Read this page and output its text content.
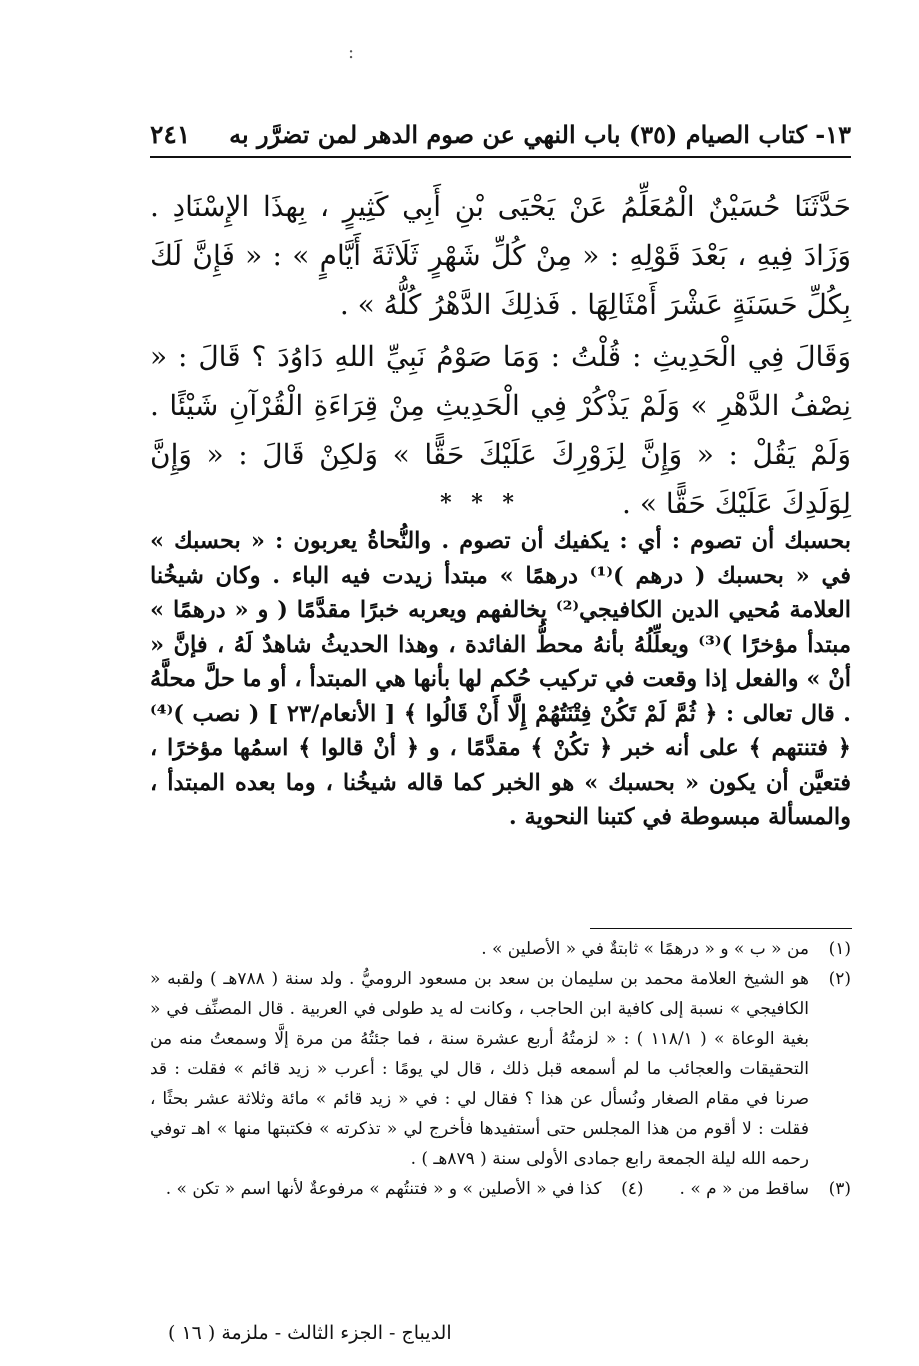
:
١٣- كتاب الصيام (٣٥) باب النهي عن صوم الدهر لمن تضرَّر به
٢٤١

حَدَّثَنَا حُسَيْنٌ الْمُعَلِّمُ عَنْ يَحْيَى بْنِ أَبِي كَثِيرٍ ، بِهذَا الإِسْنَادِ . وَزَادَ فِيهِ ، بَعْدَ قَوْلِهِ : « مِنْ كُلِّ شَهْرٍ ثَلَاثَةَ أَيَّامٍ » : « فَإِنَّ لَكَ بِكُلِّ حَسَنَةٍ عَشْرَ أَمْثَالِهَا . فَذلِكَ الدَّهْرُ كُلُّهُ » .

وَقَالَ فِي الْحَدِيثِ : قُلْتُ : وَمَا صَوْمُ نَبِيِّ اللهِ دَاوُدَ ؟ قَالَ : « نِصْفُ الدَّهْرِ » وَلَمْ يَذْكُرْ فِي الْحَدِيثِ مِنْ قِرَاءَةِ الْقُرْآنِ شَيْئًا . وَلَمْ يَقُلْ : « وَإِنَّ لِزَوْرِكَ عَلَيْكَ حَقًّا » وَلكِنْ قَالَ : « وَإِنَّ لِوَلَدِكَ عَلَيْكَ حَقًّا » .

* * *

بحسبك أن تصوم : أي : يكفيك أن تصوم . والنُّحاةُ يعربون : « بحسبك » في « بحسبك ( درهم )⁽¹⁾ درهمًا » مبتدأ زيدت فيه الباء . وكان شيخُنا العلامة مُحيي الدين الكافيجي⁽²⁾ يخالفهم ويعربه خبرًا مقدَّمًا ( و « درهمًا » مبتدأ مؤخرًا )⁽³⁾ ويعلِّلُهُ بأنهُ محطُّ الفائدة ، وهذا الحديثُ شاهدٌ لَهُ ، فإنَّ « أنْ » والفعل إذا وقعت في تركيب حُكم لها بأنها هي المبتدأ ، أو ما حلَّ محلَّهُ . قال تعالى : ﴿ ثُمَّ لَمْ تَكُنْ فِتْنَتُهُمْ إِلَّا أَنْ قَالُوا ﴾ [ الأنعام/٢٣ ] ( نصب )⁽⁴⁾ ﴿ فتنتهم ﴾ على أنه خبر ﴿ تكُنْ ﴾ مقدَّمًا ، و ﴿ أنْ قالوا ﴾ اسمُها مؤخرًا ، فتعيَّن أن يكون « بحسبك » هو الخبر كما قاله شيخُنا ، وما بعده المبتدأ ، والمسألة مبسوطة في كتبنا النحوية .

(١)
من « ب » و « درهمًا » ثابتةٌ في « الأصلين » .
(٢)
هو الشيخ العلامة محمد بن سليمان بن سعد بن مسعود الروميُّ . ولد سنة ( ٧٨٨هـ ) ولقبه « الكافيجي » نسبة إلى كافية ابن الحاجب ، وكانت له يد طولى في العربية . قال المصنِّف في « بغية الوعاة » ( ١١٨/١ ) : « لزمتُهُ أربع عشرة سنة ، فما جئتُهُ من مرة إلَّا وسمعتُ منه من التحقيقات والعجائب ما لم أسمعه قبل ذلك ، قال لي يومًا : أعرب « زيد قائم » فقلت : قد صرنا في مقام الصغار ونُسأل عن هذا ؟ فقال لي : في « زيد قائم » مائة وثلاثة عشر بحثًا ، فقلت : لا أقوم من هذا المجلس حتى أستفيدها فأخرج لي « تذكرته » فكتبتها منها » اهـ توفي رحمه الله ليلة الجمعة رابع جمادى الأولى سنة ( ٨٧٩هـ ) .
(٣)
ساقط من « م » .
(٤)
كذا في « الأصلين » و « فتنتُهم » مرفوعةٌ لأنها اسم « تكن » .
الديباج - الجزء الثالث - ملزمة ( ١٦ )
